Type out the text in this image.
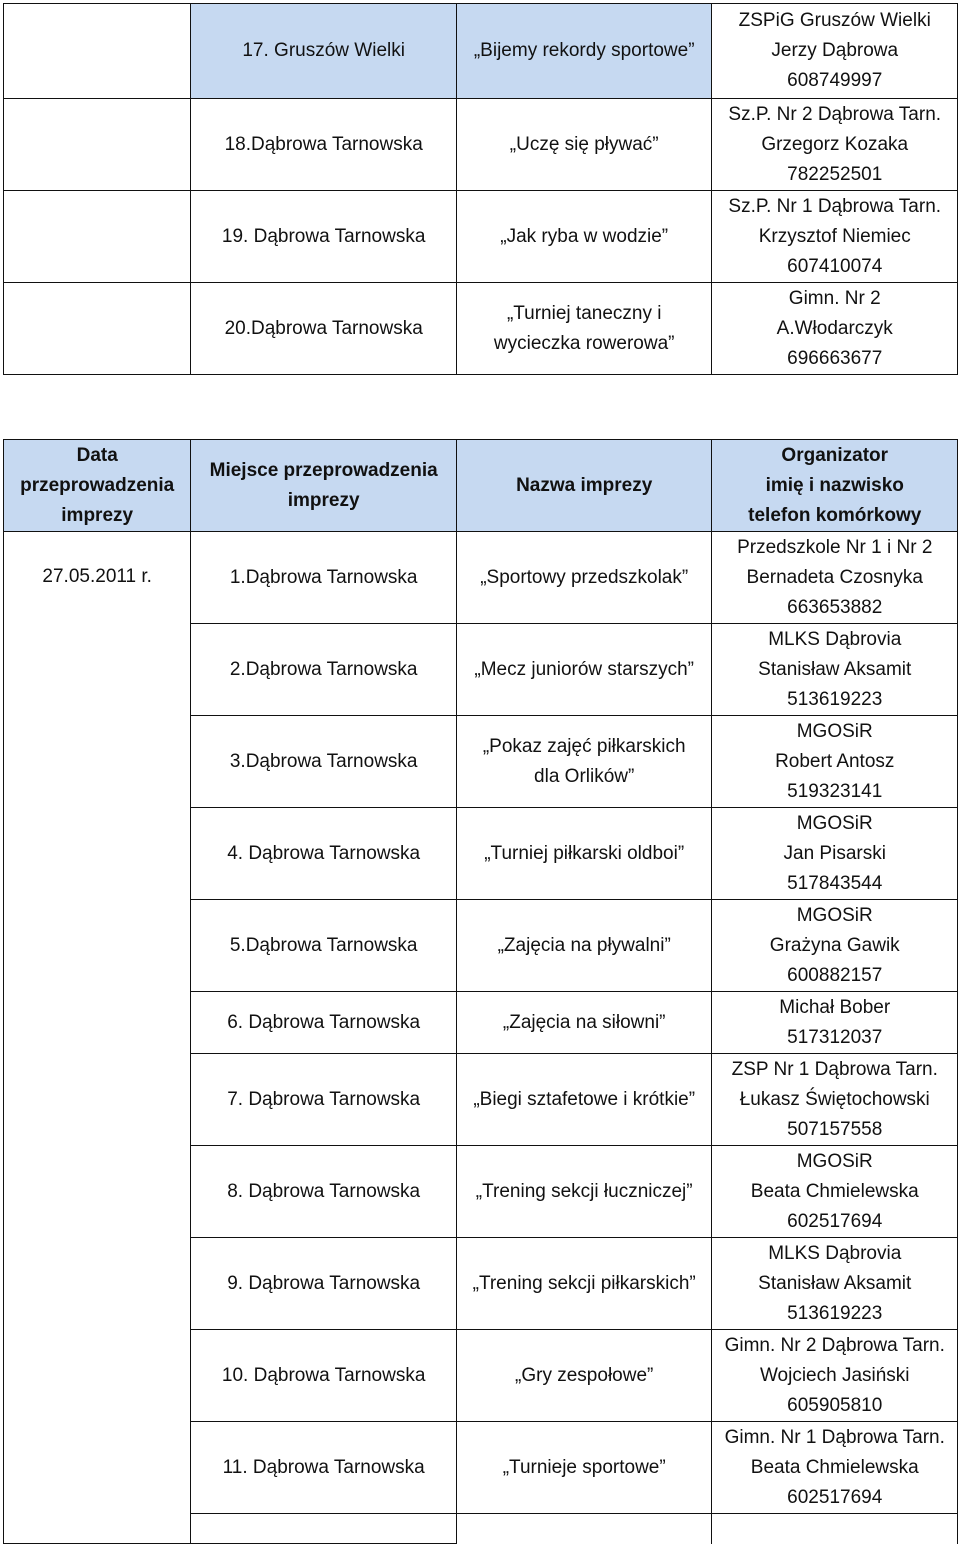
	17. Gruszów Wielki	„Bijemy rekordy sportowe”	ZSPiG Gruszów Wielki
Jerzy Dąbrowa
608749997

	18.Dąbrowa Tarnowska	„Uczę się pływać”	Sz.P. Nr 2 Dąbrowa Tarn.
Grzegorz Kozaka
782252501

	19. Dąbrowa Tarnowska	„Jak ryba w wodzie”	Sz.P. Nr 1 Dąbrowa Tarn.
Krzysztof Niemiec
607410074

	20.Dąbrowa Tarnowska	„Turniej taneczny i
wycieczka rowerowa”	Gimn. Nr 2
A.Włodarczyk
696663677
Data
przeprowadzenia
imprezy	Miejsce przeprowadzenia
imprezy	Nazwa imprezy	Organizator
imię i nazwisko
telefon komórkowy

27.05.2011 r.	1.Dąbrowa Tarnowska	„Sportowy przedszkolak”	Przedszkole Nr 1 i Nr 2
Bernadeta Czosnyka
663653882

	2.Dąbrowa Tarnowska	„Mecz juniorów starszych”	MLKS Dąbrovia
Stanisław Aksamit
513619223

	3.Dąbrowa Tarnowska	„Pokaz zajęć piłkarskich
dla Orlików”	MGOSiR
Robert Antosz
519323141

	4. Dąbrowa Tarnowska	„Turniej piłkarski oldboi”	MGOSiR
Jan Pisarski
517843544

	5.Dąbrowa Tarnowska	„Zajęcia na pływalni”	MGOSiR
Grażyna Gawik
600882157

	6. Dąbrowa Tarnowska	„Zajęcia na siłowni”	Michał Bober
517312037

	7. Dąbrowa Tarnowska	„Biegi sztafetowe i krótkie”	ZSP Nr 1 Dąbrowa Tarn.
Łukasz Świętochowski
507157558

	8. Dąbrowa Tarnowska	„Trening sekcji łuczniczej”	MGOSiR
Beata Chmielewska
602517694

	9. Dąbrowa Tarnowska	„Trening sekcji piłkarskich”	MLKS Dąbrovia
Stanisław Aksamit
513619223

	10. Dąbrowa Tarnowska	„Gry zespołowe”	Gimn. Nr 2 Dąbrowa Tarn.
Wojciech Jasiński
605905810

	11. Dąbrowa Tarnowska	„Turnieje sportowe”	Gimn. Nr 1 Dąbrowa Tarn.
Beata Chmielewska
602517694
